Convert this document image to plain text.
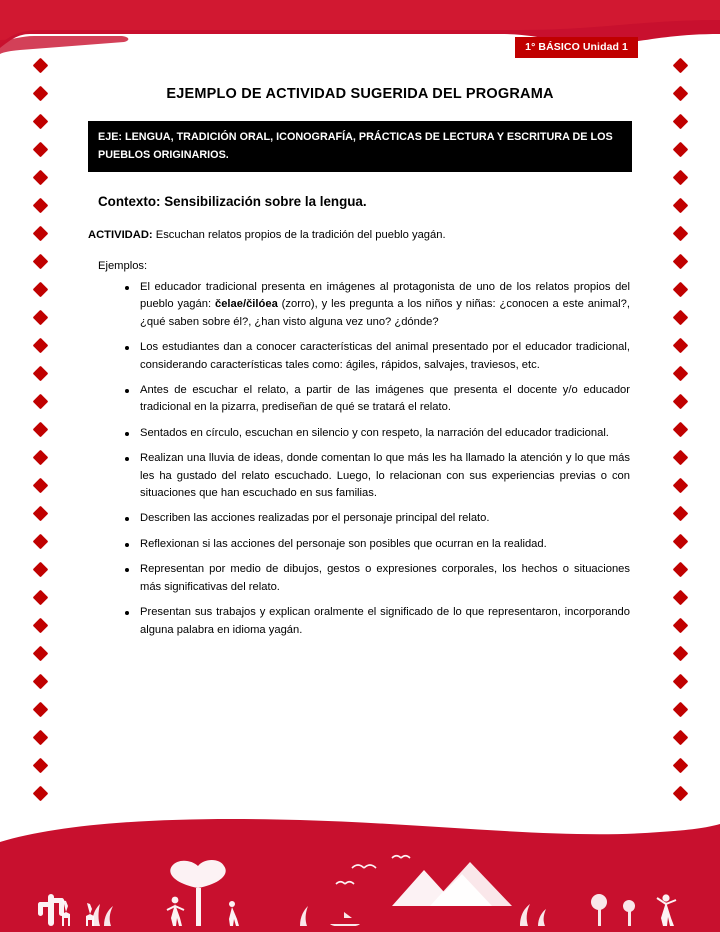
1° BÁSICO Unidad 1
EJEMPLO DE ACTIVIDAD SUGERIDA DEL PROGRAMA
EJE: LENGUA, TRADICIÓN ORAL, ICONOGRAFÍA, PRÁCTICAS DE LECTURA Y ESCRITURA DE LOS PUEBLOS ORIGINARIOS.
Contexto: Sensibilización sobre la lengua.
ACTIVIDAD: Escuchan relatos propios de la tradición del pueblo yagán.
Ejemplos:
El educador tradicional presenta en imágenes al protagonista de uno de los relatos propios del pueblo yagán: čelae/čilóea (zorro), y les pregunta a los niños y niñas: ¿conocen a este animal?, ¿qué saben sobre él?, ¿han visto alguna vez uno? ¿dónde?
Los estudiantes dan a conocer características del animal presentado por el educador tradicional, considerando características tales como: ágiles, rápidos, salvajes, traviesos, etc.
Antes de escuchar el relato, a partir de las imágenes que presenta el docente y/o educador tradicional en la pizarra, prediseñan de qué se tratará el relato.
Sentados en círculo, escuchan en silencio y con respeto, la narración del educador tradicional.
Realizan una lluvia de ideas, donde comentan lo que más les ha llamado la atención y lo que más les ha gustado del relato escuchado. Luego, lo relacionan con sus experiencias previas o con situaciones que han escuchado en sus familias.
Describen las acciones realizadas por el personaje principal del relato.
Reflexionan si las acciones del personaje son posibles que ocurran en la realidad.
Representan por medio de dibujos, gestos o expresiones corporales, los hechos o situaciones más significativas del relato.
Presentan sus trabajos y explican oralmente el significado de lo que representaron, incorporando alguna palabra en idioma yagán.
